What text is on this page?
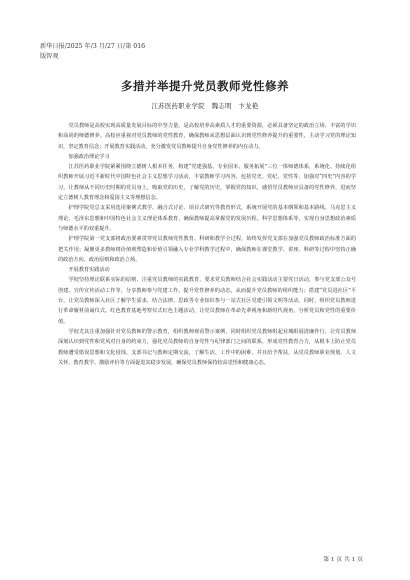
新华日报/2025 年/3 月/27 日/第 016
版智观
多措并举提升党员教师党性修养
江苏医药职业学院　魏志明　卞龙艳

党员教师是高校实现高质量发展目标的中坚力量，是高校培养高素质人才的重要资源，必须具备坚定的政治立场、丰富的学识和高尚的师德修养。高校应重视对党员教师的党性教育，确保教师从思想层面认识到党性修养提升的重要性，主动学习党的理论知识，坚定教育信念；开展教育实践活动，充分激发党员教师提升自身党性修养的内在动力。

加强政治理论学习

江苏医药职业学院紧紧围绕立德树人根本任务，构建“党建强基、专业固本、服务拓展”三位一体师德体系，系统化、持续化组织教师开展习近平新时代中国特色社会主义思想学习活动，丰富教师学习内容，包括党史、党纪、党性等，加强对“四史”内容的学习，让教师从不同历史时期的党员身上，吸取党的历史，了解党的历史，掌握党的知识，感悟党员教师应具备的党性修养，进而坚定立德树人教育理念和爱国主义等理想信念。

护理学院党总支采用选用案例式教学、融合式讨论、项目式研究等教育形式，系统开展党的基本纲领和基本路线、马克思主义理论、毛泽东思想和中国特色社会主义理论体系教育，确保教师提高掌握党的发展历程、科学思想体系等，实现自身思想政治素质与师德水平的双重提升。

护理学院第一党支部将政治要素贯穿党员教师党性教育、科研和教学全过程，始终发挥党支部在加强党员教师政治标准方面的把关作用；凝聚更多教师将价值观塑造和价值引领融入专业学科教学过程中，确保教师在课堂教学、讲座、科研等过程中坚持正确的政治方向、政治原则和政治立场。

开展教育实践活动

学校坚持理论联系实际的原则，注重党员教师的实践教育，要求党员教师结合社会实践活动主要党日活动，参与党支部公众号创建、宣传宣传活动工作等，分享教师参与党建工作、提升党性修养的动态，从而提升党员教师的组织能力；搭建“党员进社区”平台，让党员教师深入社区了解学生需求，结合法律、思政等专业知识参与一站式社区党建引领文明等活动。同时，组织党员教师进行革命履材前诵仪式、红色教育基地考察仪式红色主题活动，让党员教师在革命先辈视角和新时代视角，分析党员和党性的重要价值。

学校尤其注重加强针对党员教师的警示教育，组织教师观看警示案例，同时组织党员教师组起业城组展清廉作行，让党员教师深刻认识到党性和党风对自身的约束力，强化党员教师的自身党性与纪律部门之间的联系，形成党性教育合力，从根本上防止党员教师遭受错误思想和文化侵蚀，支部书记与教师定期交流，了解生活、工作中的困难，并且给予帮扶，从党员教师职业规划、人文关怀、教育教学、激励评价等方面促进其稳步发展，确保党员教师保持较高觉悟和健康心态。

第 1 页 共 1 页
